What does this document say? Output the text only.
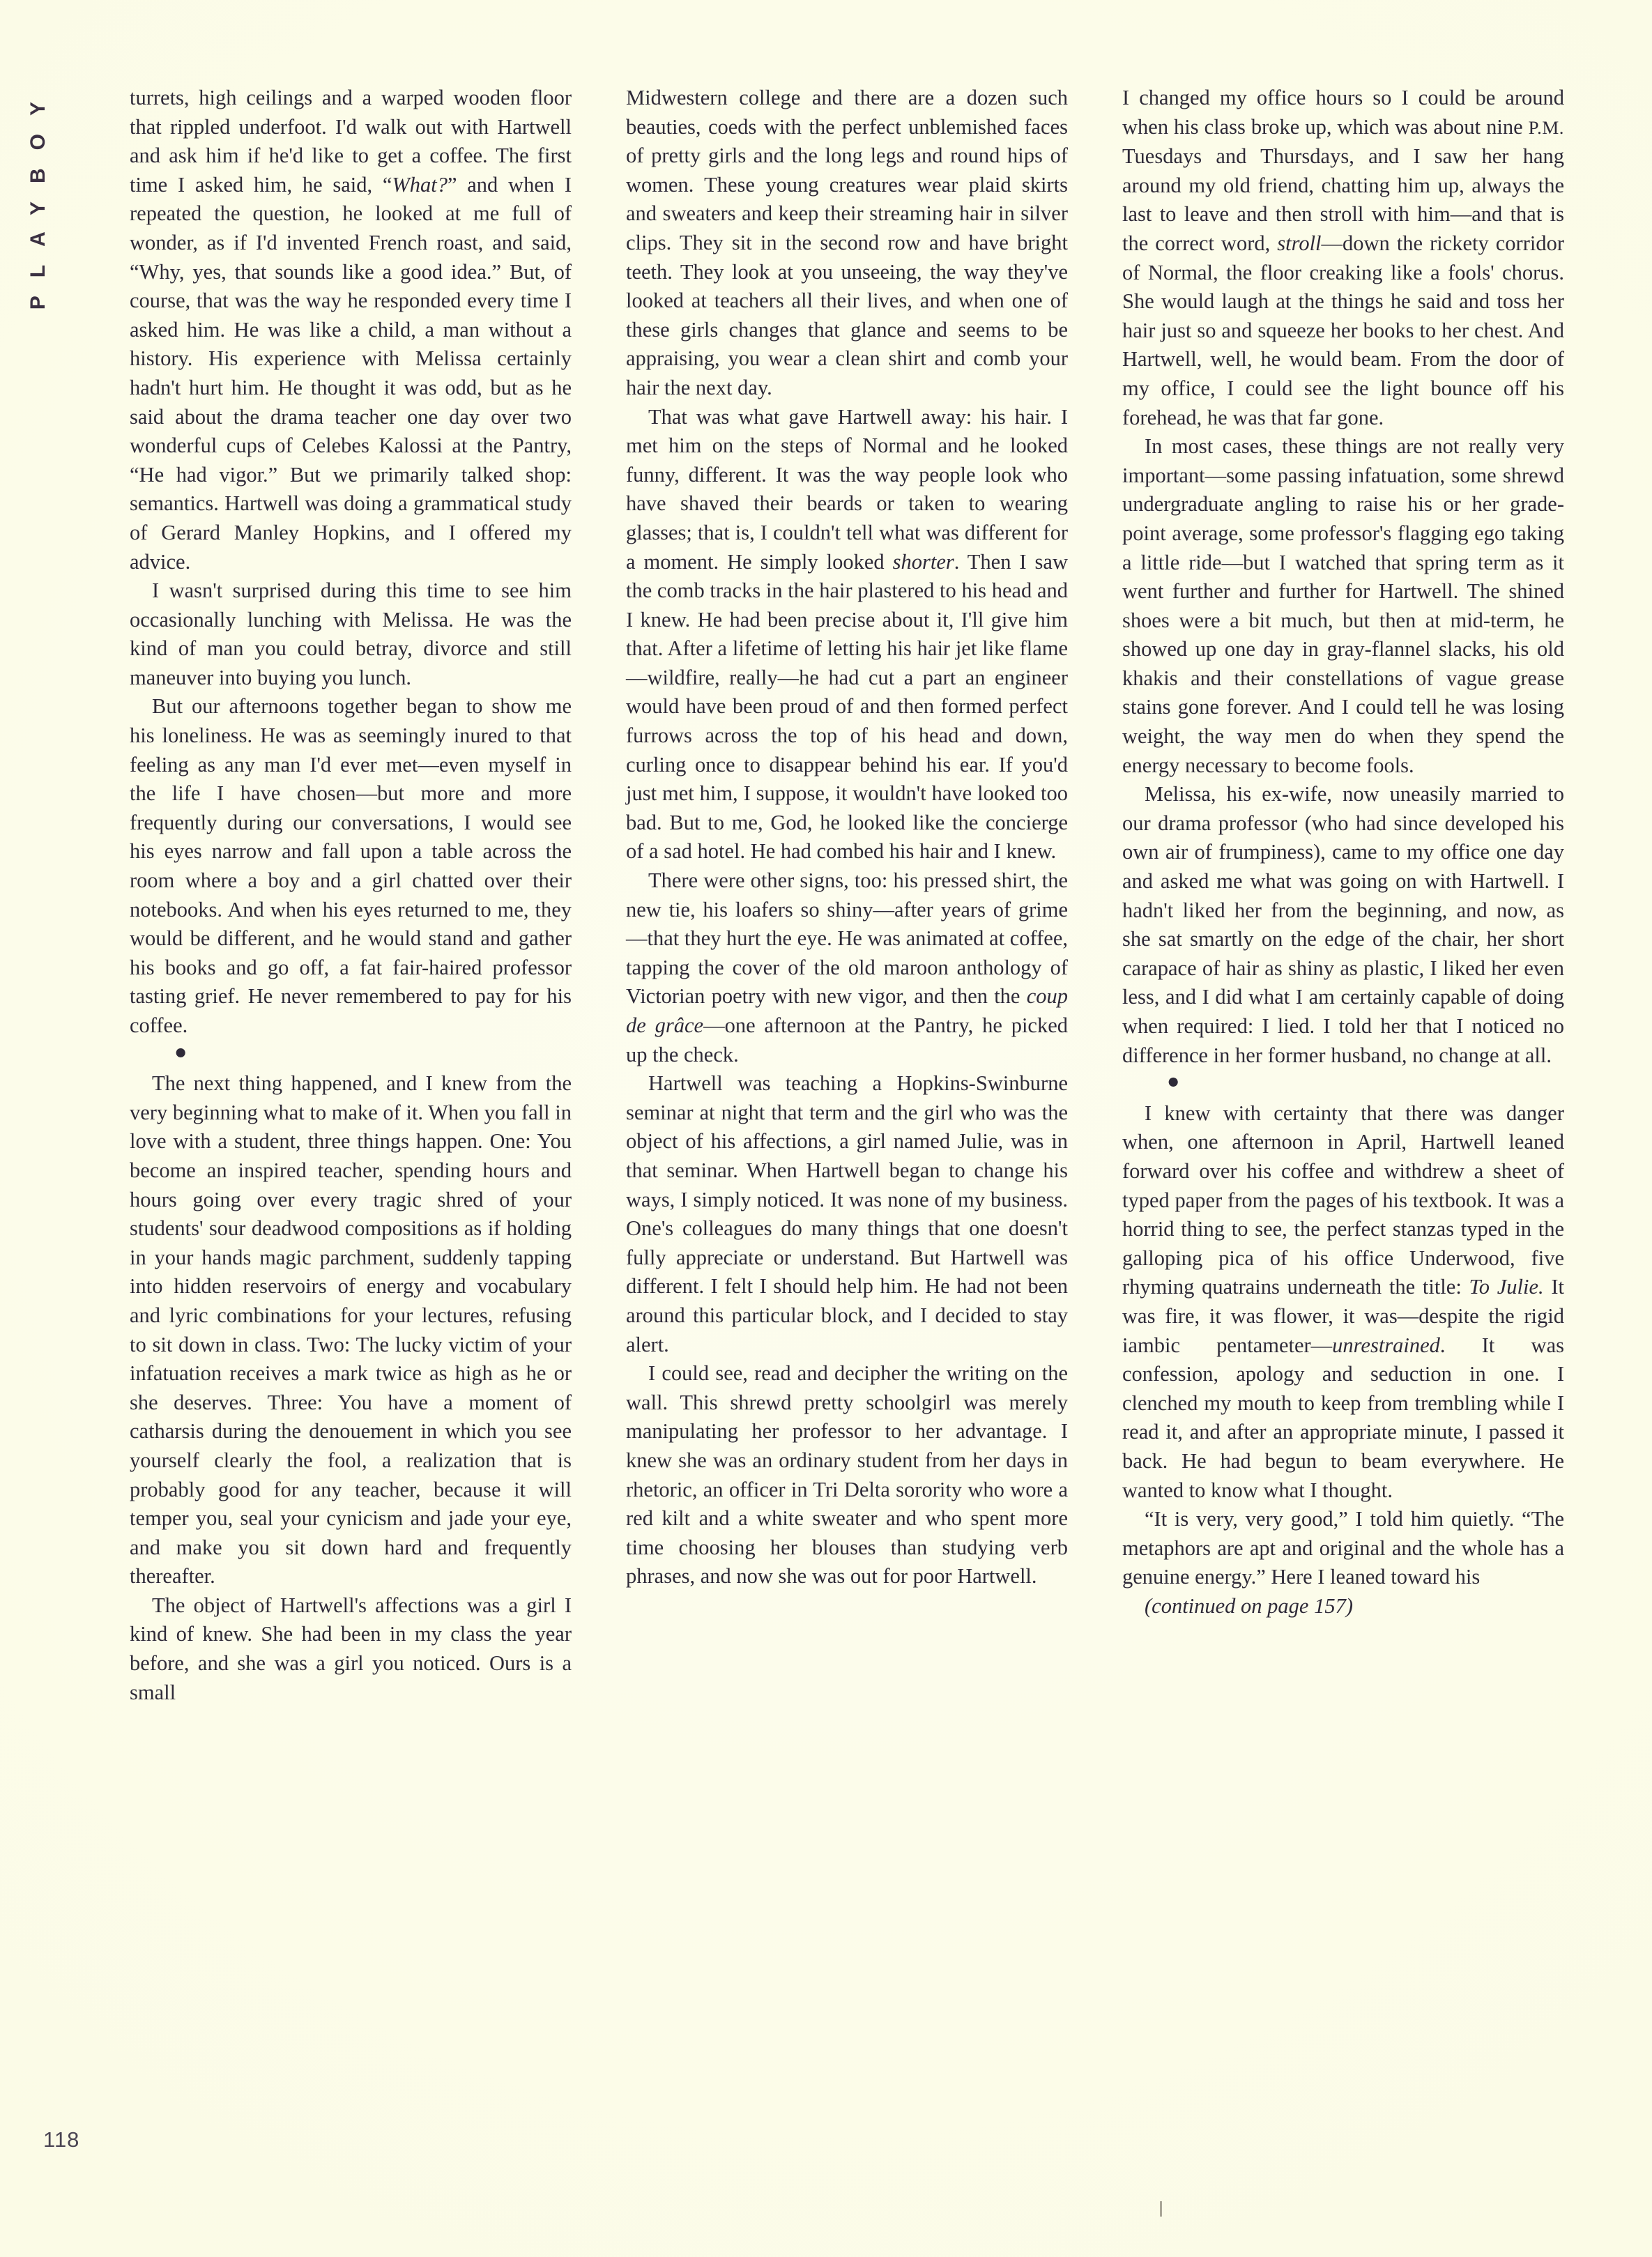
PLAYBOY
118

turrets, high ceilings and a warped wooden floor that rippled underfoot. I'd walk out with Hartwell and ask him if he'd like to get a coffee. The first time I asked him, he said, “What?” and when I repeated the question, he looked at me full of wonder, as if I'd invented French roast, and said, “Why, yes, that sounds like a good idea.” But, of course, that was the way he responded every time I asked him. He was like a child, a man without a history. His experience with Melissa certainly hadn't hurt him. He thought it was odd, but as he said about the drama teacher one day over two wonderful cups of Celebes Kalossi at the Pantry, “He had vigor.” But we primarily talked shop: semantics. Hartwell was doing a grammatical study of Gerard Manley Hopkins, and I offered my advice.

I wasn't surprised during this time to see him occasionally lunching with Melissa. He was the kind of man you could betray, divorce and still maneuver into buying you lunch.

But our afternoons together began to show me his loneliness. He was as seemingly inured to that feeling as any man I'd ever met—even myself in the life I have chosen—but more and more frequently during our conversations, I would see his eyes narrow and fall upon a table across the room where a boy and a girl chatted over their notebooks. And when his eyes returned to me, they would be different, and he would stand and gather his books and go off, a fat fair-haired professor tasting grief. He never remembered to pay for his coffee.

●

The next thing happened, and I knew from the very beginning what to make of it. When you fall in love with a student, three things happen. One: You become an inspired teacher, spending hours and hours going over every tragic shred of your students' sour deadwood compositions as if holding in your hands magic parchment, suddenly tapping into hidden reservoirs of energy and vocabulary and lyric combinations for your lectures, refusing to sit down in class. Two: The lucky victim of your infatuation receives a mark twice as high as he or she deserves. Three: You have a moment of catharsis during the denouement in which you see yourself clearly the fool, a realization that is probably good for any teacher, because it will temper you, seal your cynicism and jade your eye, and make you sit down hard and frequently thereafter.

The object of Hartwell's affections was a girl I kind of knew. She had been in my class the year before, and she was a girl you noticed. Ours is a small

Midwestern college and there are a dozen such beauties, coeds with the perfect unblemished faces of pretty girls and the long legs and round hips of women. These young creatures wear plaid skirts and sweaters and keep their streaming hair in silver clips. They sit in the second row and have bright teeth. They look at you unseeing, the way they've looked at teachers all their lives, and when one of these girls changes that glance and seems to be appraising, you wear a clean shirt and comb your hair the next day.

That was what gave Hartwell away: his hair. I met him on the steps of Normal and he looked funny, different. It was the way people look who have shaved their beards or taken to wearing glasses; that is, I couldn't tell what was different for a moment. He simply looked shorter. Then I saw the comb tracks in the hair plastered to his head and I knew. He had been precise about it, I'll give him that. After a lifetime of letting his hair jet like flame—wildfire, really—he had cut a part an engineer would have been proud of and then formed perfect furrows across the top of his head and down, curling once to disappear behind his ear. If you'd just met him, I suppose, it wouldn't have looked too bad. But to me, God, he looked like the concierge of a sad hotel. He had combed his hair and I knew.

There were other signs, too: his pressed shirt, the new tie, his loafers so shiny—after years of grime—that they hurt the eye. He was animated at coffee, tapping the cover of the old maroon anthology of Victorian poetry with new vigor, and then the coup de grâce—one afternoon at the Pantry, he picked up the check.

Hartwell was teaching a Hopkins-Swinburne seminar at night that term and the girl who was the object of his affections, a girl named Julie, was in that seminar. When Hartwell began to change his ways, I simply noticed. It was none of my business. One's colleagues do many things that one doesn't fully appreciate or understand. But Hartwell was different. I felt I should help him. He had not been around this particular block, and I decided to stay alert.

I could see, read and decipher the writing on the wall. This shrewd pretty schoolgirl was merely manipulating her professor to her advantage. I knew she was an ordinary student from her days in rhetoric, an officer in Tri Delta sorority who wore a red kilt and a white sweater and who spent more time choosing her blouses than studying verb phrases, and now she was out for poor Hartwell.

I changed my office hours so I could be around when his class broke up, which was about nine P.M. Tuesdays and Thursdays, and I saw her hang around my old friend, chatting him up, always the last to leave and then stroll with him—and that is the correct word, stroll—down the rickety corridor of Normal, the floor creaking like a fools' chorus. She would laugh at the things he said and toss her hair just so and squeeze her books to her chest. And Hartwell, well, he would beam. From the door of my office, I could see the light bounce off his forehead, he was that far gone.

In most cases, these things are not really very important—some passing infatuation, some shrewd undergraduate angling to raise his or her grade-point average, some professor's flagging ego taking a little ride—but I watched that spring term as it went further and further for Hartwell. The shined shoes were a bit much, but then at mid-term, he showed up one day in gray-flannel slacks, his old khakis and their constellations of vague grease stains gone forever. And I could tell he was losing weight, the way men do when they spend the energy necessary to become fools.

Melissa, his ex-wife, now uneasily married to our drama professor (who had since developed his own air of frumpiness), came to my office one day and asked me what was going on with Hartwell. I hadn't liked her from the beginning, and now, as she sat smartly on the edge of the chair, her short carapace of hair as shiny as plastic, I liked her even less, and I did what I am certainly capable of doing when required: I lied. I told her that I noticed no difference in her former husband, no change at all.

●

I knew with certainty that there was danger when, one afternoon in April, Hartwell leaned forward over his coffee and withdrew a sheet of typed paper from the pages of his textbook. It was a horrid thing to see, the perfect stanzas typed in the galloping pica of his office Underwood, five rhyming quatrains underneath the title: To Julie. It was fire, it was flower, it was—despite the rigid iambic pentameter—unrestrained. It was confession, apology and seduction in one. I clenched my mouth to keep from trembling while I read it, and after an appropriate minute, I passed it back. He had begun to beam everywhere. He wanted to know what I thought.

“It is very, very good,” I told him quietly. “The metaphors are apt and original and the whole has a genuine energy.” Here I leaned toward his

(continued on page 157)
